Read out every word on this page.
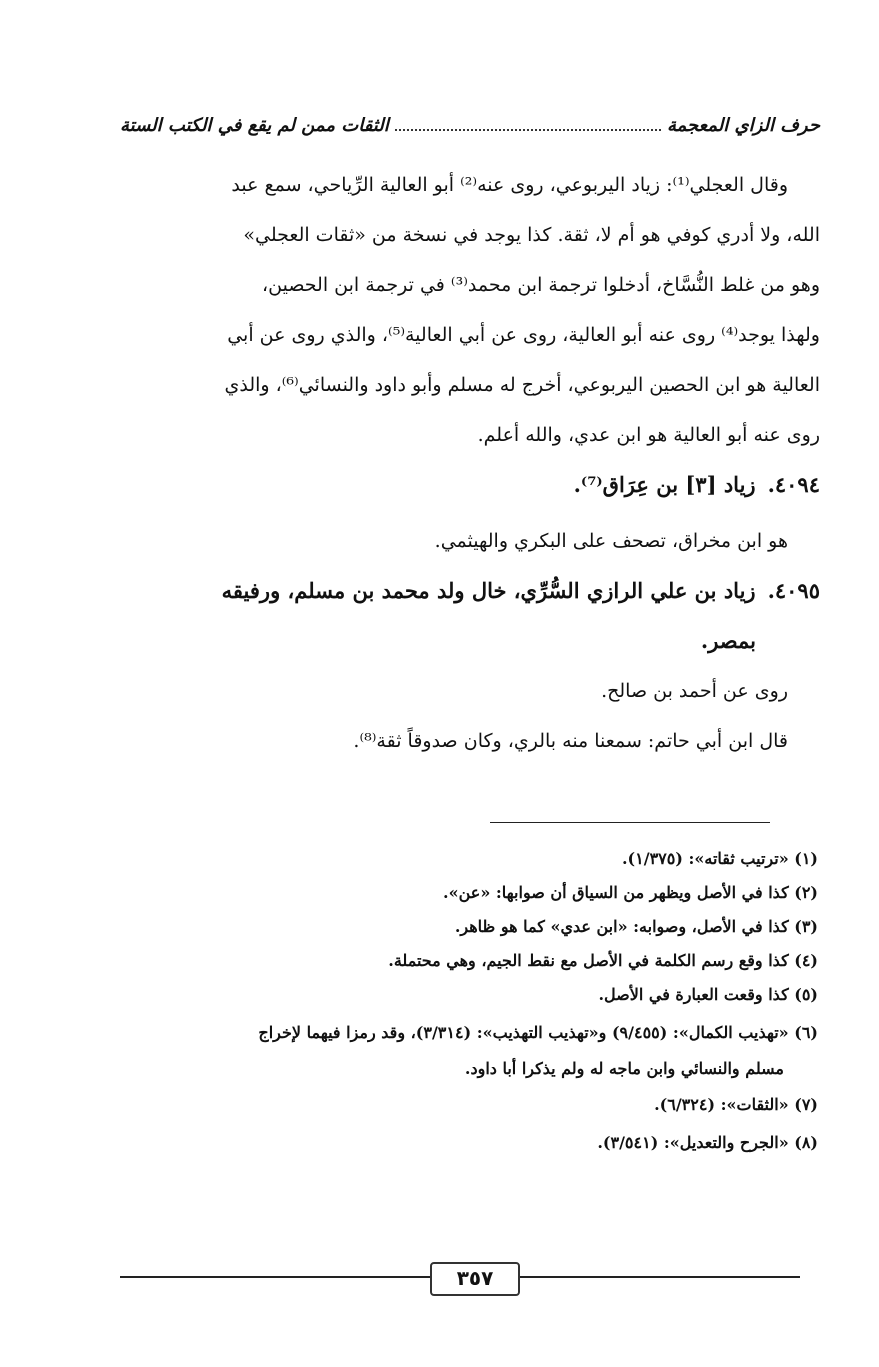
حرف الزاي المعجمة
الثقات ممن لم يقع في الكتب الستة

وقال العجلي⁽¹⁾: زياد اليربوعي، روى عنه⁽²⁾ أبو العالية الرِّياحي، سمع عبد

الله، ولا أدري كوفي هو أم لا، ثقة. كذا يوجد في نسخة من «ثقات العجلي»

وهو من غلط النُّسَّاخ، أدخلوا ترجمة ابن محمد⁽³⁾ في ترجمة ابن الحصين،

ولهذا يوجد⁽⁴⁾ روى عنه أبو العالية، روى عن أبي العالية⁽⁵⁾، والذي روى عن أبي

العالية هو ابن الحصين اليربوعي، أخرج له مسلم وأبو داود والنسائي⁽⁶⁾، والذي

روى عنه أبو العالية هو ابن عدي، والله أعلم.

٤٠٩٤.زياد [٣] بن عِرَاق⁽⁷⁾.

هو ابن مخراق، تصحف على البكري والهيثمي.

٤٠٩٥.زياد بن علي الرازي السُّرِّي، خال ولد محمد بن مسلم، ورفيقه

بمصر.

روى عن أحمد بن صالح.

قال ابن أبي حاتم: سمعنا منه بالري، وكان صدوقاً ثقة⁽⁸⁾.

(١) «ترتيب ثقاته»: (١/٣٧٥).
(٢) كذا في الأصل ويظهر من السياق أن صوابها: «عن».
(٣) كذا في الأصل، وصوابه: «ابن عدي» كما هو ظاهر.
(٤) كذا وقع رسم الكلمة في الأصل مع نقط الجيم، وهي محتملة.
(٥) كذا وقعت العبارة في الأصل.
(٦) «تهذيب الكمال»: (٩/٤٥٥) و«تهذيب التهذيب»: (٣/٣١٤)، وقد رمزا فيهما لإخراج
مسلم والنسائي وابن ماجه له ولم يذكرا أبا داود.
(٧) «الثقات»: (٦/٣٢٤).
(٨) «الجرح والتعديل»: (٣/٥٤١).
٣٥٧
